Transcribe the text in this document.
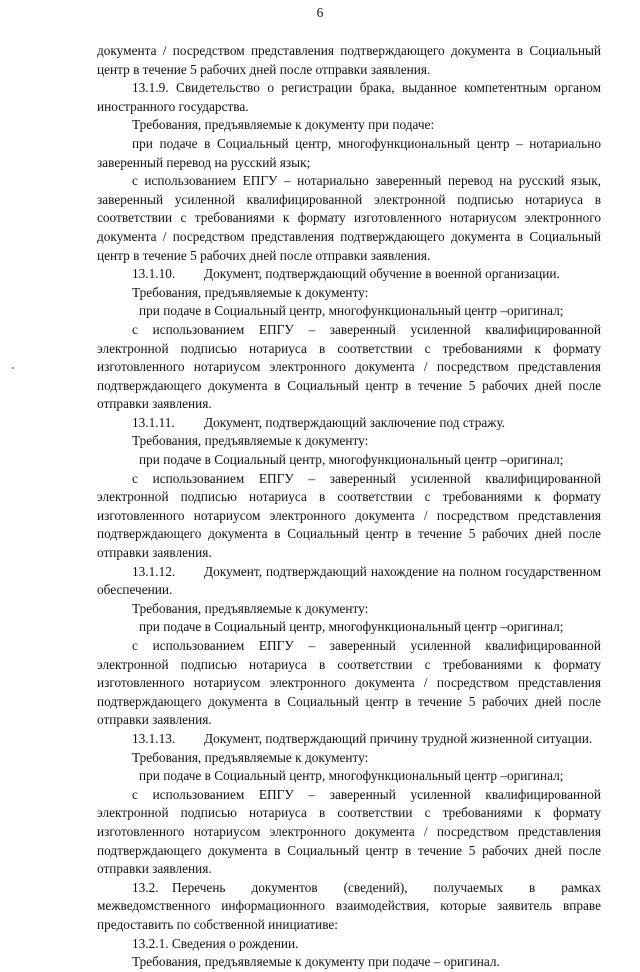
6

документа / посредством представления подтверждающего документа в Социальный центр в течение 5 рабочих дней после отправки заявления.

13.1.9. Свидетельство о регистрации брака, выданное компетентным органом иностранного государства.

Требования, предъявляемые к документу при подаче:

при подаче в Социальный центр, многофункциональный центр – нотариально заверенный перевод на русский язык;

с использованием ЕПГУ – нотариально заверенный перевод на русский язык, заверенный усиленной квалифицированной электронной подписью нотариуса в соответствии с требованиями к формату изготовленного нотариусом электронного документа / посредством представления подтверждающего документа в Социальный центр в течение 5 рабочих дней после отправки заявления.

13.1.10. Документ, подтверждающий обучение в военной организации.

Требования, предъявляемые к документу:

при подаче в Социальный центр, многофункциональный центр –оригинал;

с использованием ЕПГУ – заверенный усиленной квалифицированной электронной подписью нотариуса в соответствии с требованиями к формату изготовленного нотариусом электронного документа / посредством представления подтверждающего документа в Социальный центр в течение 5 рабочих дней после отправки заявления.

13.1.11. Документ, подтверждающий заключение под стражу.

Требования, предъявляемые к документу:

при подаче в Социальный центр, многофункциональный центр –оригинал;

с использованием ЕПГУ – заверенный усиленной квалифицированной электронной подписью нотариуса в соответствии с требованиями к формату изготовленного нотариусом электронного документа / посредством представления подтверждающего документа в Социальный центр в течение 5 рабочих дней после отправки заявления.

13.1.12. Документ, подтверждающий нахождение на полном государственном обеспечении.

Требования, предъявляемые к документу:

при подаче в Социальный центр, многофункциональный центр –оригинал;

с использованием ЕПГУ – заверенный усиленной квалифицированной электронной подписью нотариуса в соответствии с требованиями к формату изготовленного нотариусом электронного документа / посредством представления подтверждающего документа в Социальный центр в течение 5 рабочих дней после отправки заявления.

13.1.13. Документ, подтверждающий причину трудной жизненной ситуации.

Требования, предъявляемые к документу:

при подаче в Социальный центр, многофункциональный центр –оригинал;

с использованием ЕПГУ – заверенный усиленной квалифицированной электронной подписью нотариуса в соответствии с требованиями к формату изготовленного нотариусом электронного документа / посредством представления подтверждающего документа в Социальный центр в течение 5 рабочих дней после отправки заявления.

13.2. Перечень документов (сведений), получаемых в рамках межведомственного информационного взаимодействия, которые заявитель вправе предоставить по собственной инициативе:

13.2.1. Сведения о рождении.

Требования, предъявляемые к документу при подаче – оригинал.
